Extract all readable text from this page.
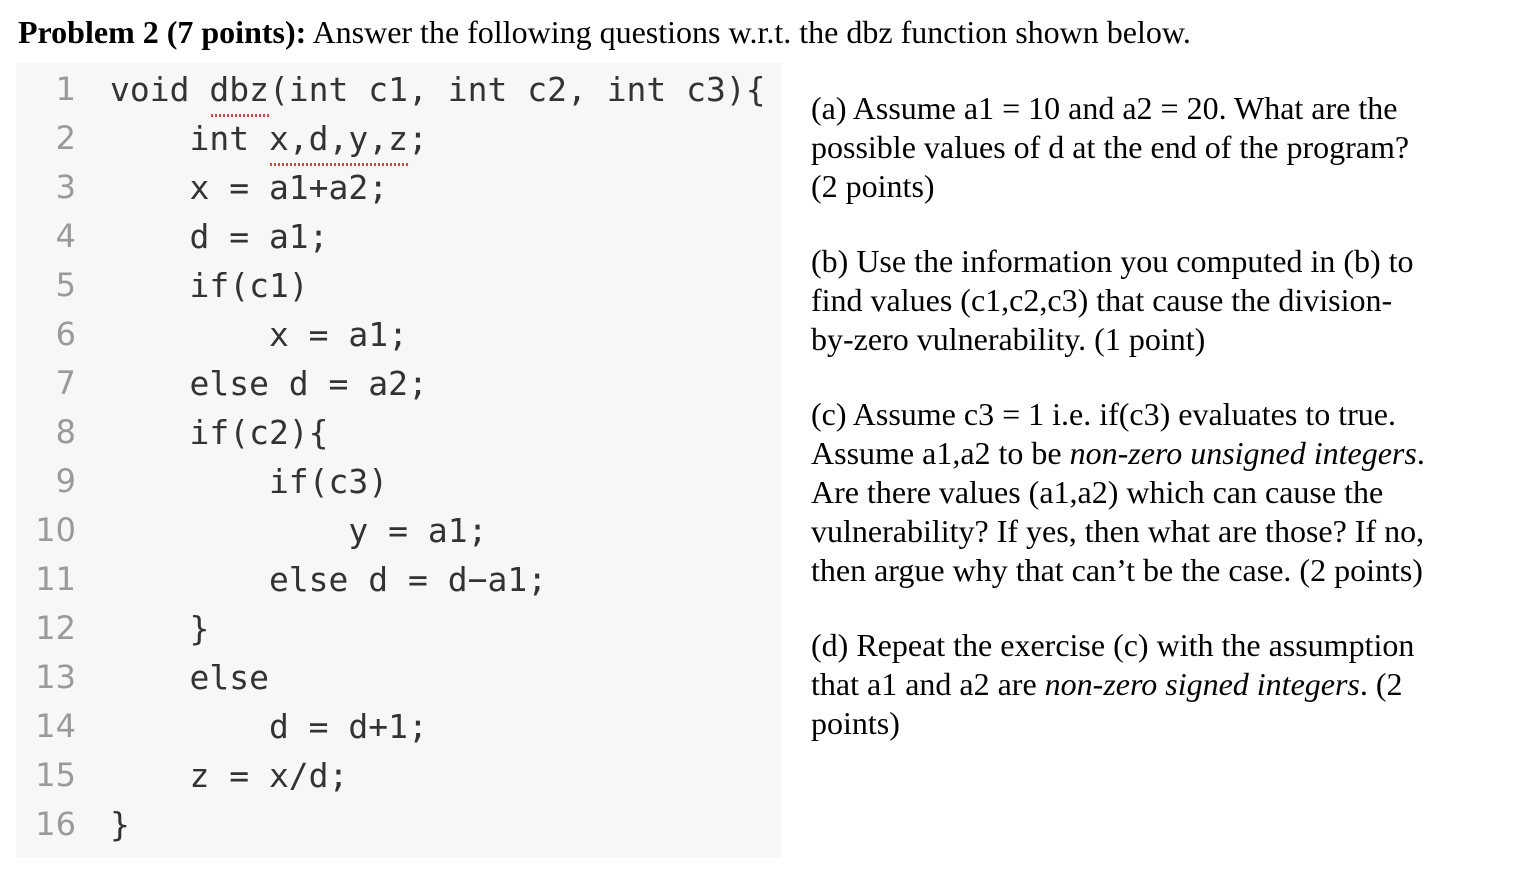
Problem 2 (7 points): Answer the following questions w.r.t. the dbz function shown below.
1 void dbz(int c1, int c2, int c3){
2 int x,d,y,z;
3 x = a1+a2;
4 d = a1;
5 if(c1)
6 x = a1;
7 else d = a2;
8 if(c2){
9 if(c3)
10 y = a1;
11 else d = d−a1;
12 }
13 else
14 d = d+1;
15 z = x/d;
16 }
(a) Assume a1 = 10 and a2 = 20. What are the
possible values of d at the end of the program?
(2 points)
(b) Use the information you computed in (b) to
find values (c1,c2,c3) that cause the division-
by-zero vulnerability. (1 point)
(c) Assume c3 = 1 i.e. if(c3) evaluates to true.
Assume a1,a2 to be non-zero unsigned integers.
Are there values (a1,a2) which can cause the
vulnerability? If yes, then what are those? If no,
then argue why that can’t be the case. (2 points)
(d) Repeat the exercise (c) with the assumption
that a1 and a2 are non-zero signed integers. (2
points)
